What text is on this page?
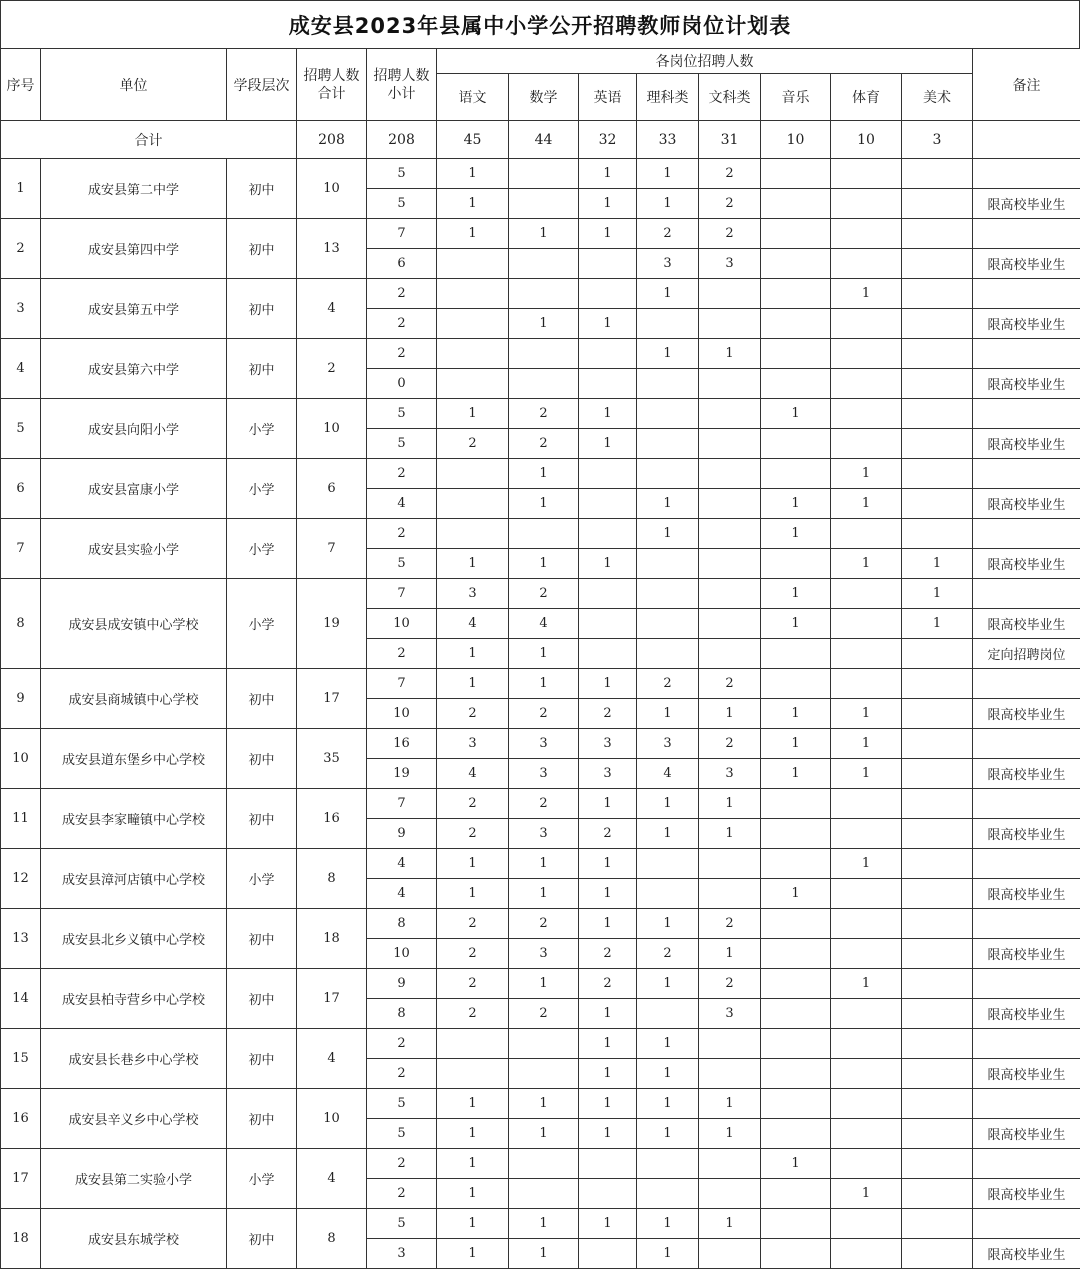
成安县2023年县属中小学公开招聘教师岗位计划表
序号	单位	学段层次	招聘人数合计	招聘人数小计	各岗位招聘人数								备注
					语文	数学	英语	理科类	文科类	音乐	体育	美术	
合计			208	208	45	44	32	33	31	10	10	3	
1	成安县第二中学	初中	10	5	1		1	1	2				
				5	1		1	1	2				限高校毕业生
2	成安县第四中学	初中	13	7	1	1	1	2	2				
				6				3	3				限高校毕业生
3	成安县第五中学	初中	4	2				1			1		
				2		1	1						限高校毕业生
4	成安县第六中学	初中	2	2				1	1				
				0									限高校毕业生
5	成安县向阳小学	小学	10	5	1	2	1			1			
				5	2	2	1						限高校毕业生
6	成安县富康小学	小学	6	2		1					1		
				4		1		1		1	1		限高校毕业生
7	成安县实验小学	小学	7	2				1		1			
				5	1	1	1				1	1	限高校毕业生
8	成安县成安镇中心学校	小学	19	7	3	2				1		1	
				10	4	4				1		1	限高校毕业生
				2	1	1							定向招聘岗位
9	成安县商城镇中心学校	初中	17	7	1	1	1	2	2				
				10	2	2	2	1	1	1	1		限高校毕业生
10	成安县道东堡乡中心学校	初中	35	16	3	3	3	3	2	1	1		
				19	4	3	3	4	3	1	1		限高校毕业生
11	成安县李家疃镇中心学校	初中	16	7	2	2	1	1	1				
				9	2	3	2	1	1				限高校毕业生
12	成安县漳河店镇中心学校	小学	8	4	1	1	1				1		
				4	1	1	1			1			限高校毕业生
13	成安县北乡义镇中心学校	初中	18	8	2	2	1	1	2				
				10	2	3	2	2	1				限高校毕业生
14	成安县柏寺营乡中心学校	初中	17	9	2	1	2	1	2		1		
				8	2	2	1		3				限高校毕业生
15	成安县长巷乡中心学校	初中	4	2			1	1					
				2			1	1					限高校毕业生
16	成安县辛义乡中心学校	初中	10	5	1	1	1	1	1				
				5	1	1	1	1	1				限高校毕业生
17	成安县第二实验小学	小学	4	2	1					1			
				2	1						1		限高校毕业生
18	成安县东城学校	初中	8	5	1	1	1	1	1				
				3	1	1		1					限高校毕业生
